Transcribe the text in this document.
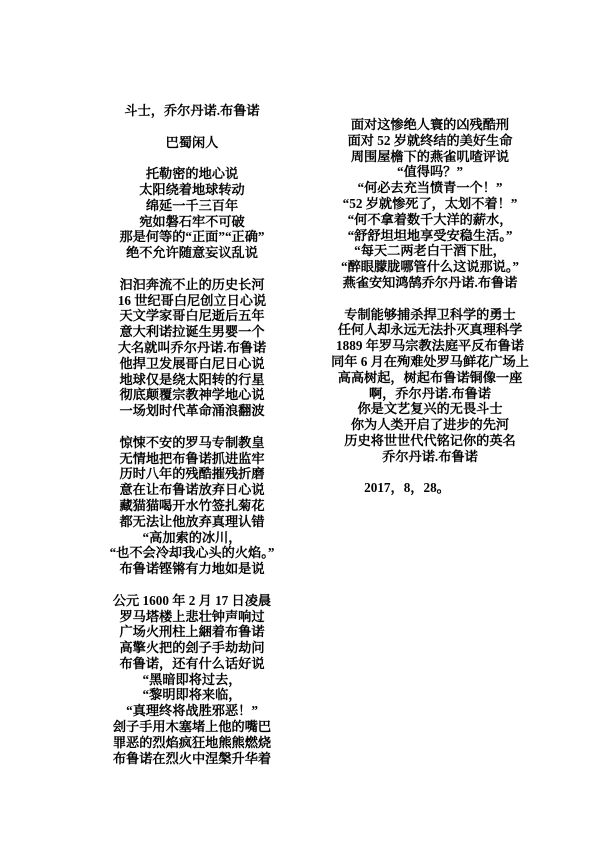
斗士，乔尔丹诺.布鲁诺
巴蜀闲人
托勒密的地心说
太阳绕着地球转动
绵延一千三百年
宛如磐石牢不可破
那是何等的“正面”“正确”
绝不允许随意妄议乱说
汩汩奔流不止的历史长河
16 世纪哥白尼创立日心说
天文学家哥白尼逝后五年
意大利诺拉诞生男婴一个
大名就叫乔尔丹诺.布鲁诺
他捍卫发展哥白尼日心说
地球仅是绕太阳转的行星
彻底颠覆宗教神学地心说
一场划时代革命涌浪翻波
惊悚不安的罗马专制教皇
无情地把布鲁诺抓进监牢
历时八年的残酷摧残折磨
意在让布鲁诺放弃日心说
藏猫猫喝开水竹签扎菊花
都无法让他放弃真理认错
“高加索的冰川，
“也不会冷却我心头的火焰。”
布鲁诺铿锵有力地如是说
公元 1600 年 2 月 17 日凌晨
罗马塔楼上悲壮钟声响过
广场火刑柱上綑着布鲁诺
高擎火把的刽子手劫劫问
布鲁诺，还有什么话好说
“黑暗即将过去，
“黎明即将来临，
“真理终将战胜邪恶！”
刽子手用木塞堵上他的嘴巴
罪恶的烈焰疯狂地熊熊燃烧
布鲁诺在烈火中涅槃升华着
面对这惨绝人寰的凶残酷刑
面对 52 岁就终结的美好生命
周围屋檐下的燕雀叽喳评说
“值得吗？”
“何必去充当愤青一个！”
“52 岁就惨死了，太划不着！”
“何不拿着数千大洋的薪水，
“舒舒坦坦地享受安稳生活。”
“每天二两老白干酒下肚，
“醉眼朦胧哪管什么这说那说。”
燕雀安知鸿鹄乔尔丹诺.布鲁诺
专制能够捕杀捍卫科学的勇士
任何人却永远无法扑灭真理科学
1889 年罗马宗教法庭平反布鲁诺
同年 6 月在殉难处罗马鲜花广场上
高高树起，树起布鲁诺铜像一座
啊，乔尔丹诺.布鲁诺
你是文艺复兴的无畏斗士
你为人类开启了进步的先河
历史将世世代代铭记你的英名
乔尔丹诺.布鲁诺
2017，8，28。
